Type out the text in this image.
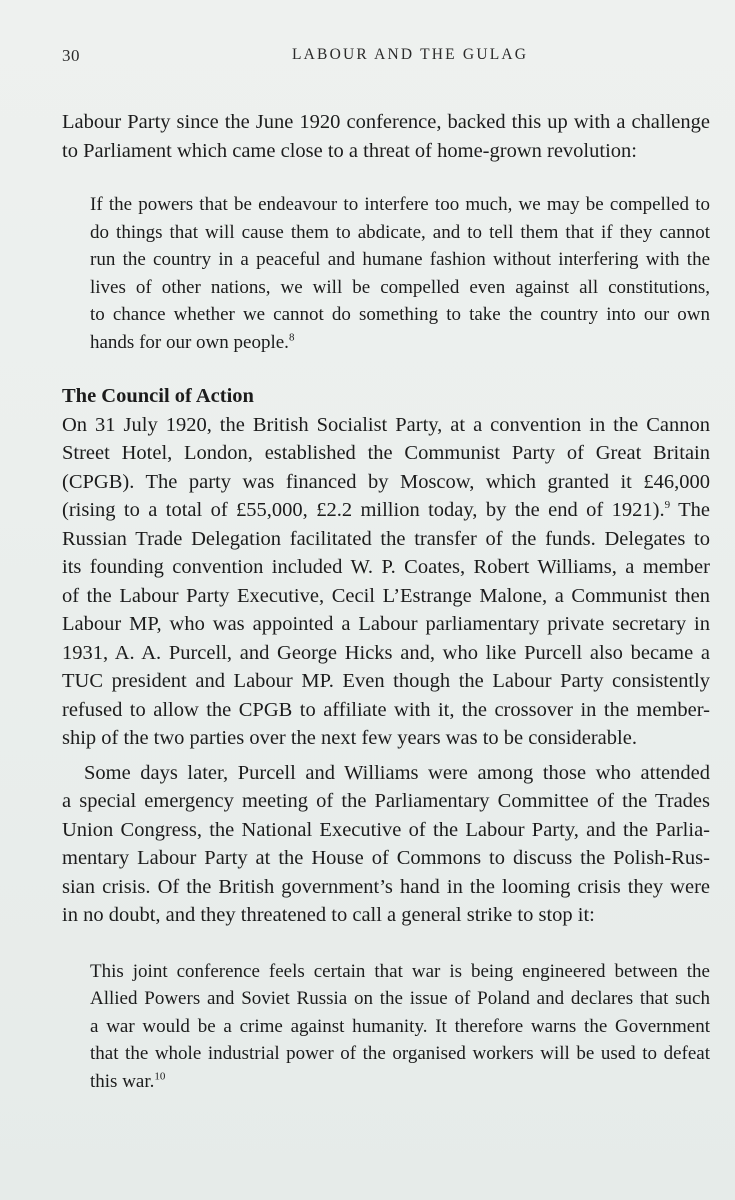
30	LABOUR AND THE GULAG
Labour Party since the June 1920 conference, backed this up with a challenge
to Parliament which came close to a threat of home-grown revolution:
If the powers that be endeavour to interfere too much, we may be compelled to
do things that will cause them to abdicate, and to tell them that if they cannot
run the country in a peaceful and humane fashion without interfering with the
lives of other nations, we will be compelled even against all constitutions,
to chance whether we cannot do something to take the country into our own
hands for our own people.$^8$
The Council of Action
On 31 July 1920, the British Socialist Party, at a convention in the Cannon
Street Hotel, London, established the Communist Party of Great Britain
(CPGB). The party was financed by Moscow, which granted it £46,000
(rising to a total of £55,000, £2.2 million today, by the end of 1921).$^9$ The
Russian Trade Delegation facilitated the transfer of the funds. Delegates to
its founding convention included W. P. Coates, Robert Williams, a member
of the Labour Party Executive, Cecil L’Estrange Malone, a Communist then
Labour MP, who was appointed a Labour parliamentary private secretary in
1931, A. A. Purcell, and George Hicks and, who like Purcell also became a
TUC president and Labour MP. Even though the Labour Party consistently
refused to allow the CPGB to affiliate with it, the crossover in the member-
ship of the two parties over the next few years was to be considerable.
Some days later, Purcell and Williams were among those who attended
a special emergency meeting of the Parliamentary Committee of the Trades
Union Congress, the National Executive of the Labour Party, and the Parlia-
mentary Labour Party at the House of Commons to discuss the Polish-Rus-
sian crisis. Of the British government’s hand in the looming crisis they were
in no doubt, and they threatened to call a general strike to stop it:
This joint conference feels certain that war is being engineered between the
Allied Powers and Soviet Russia on the issue of Poland and declares that such
a war would be a crime against humanity. It therefore warns the Government
that the whole industrial power of the organised workers will be used to defeat
this war.$^{10}$
